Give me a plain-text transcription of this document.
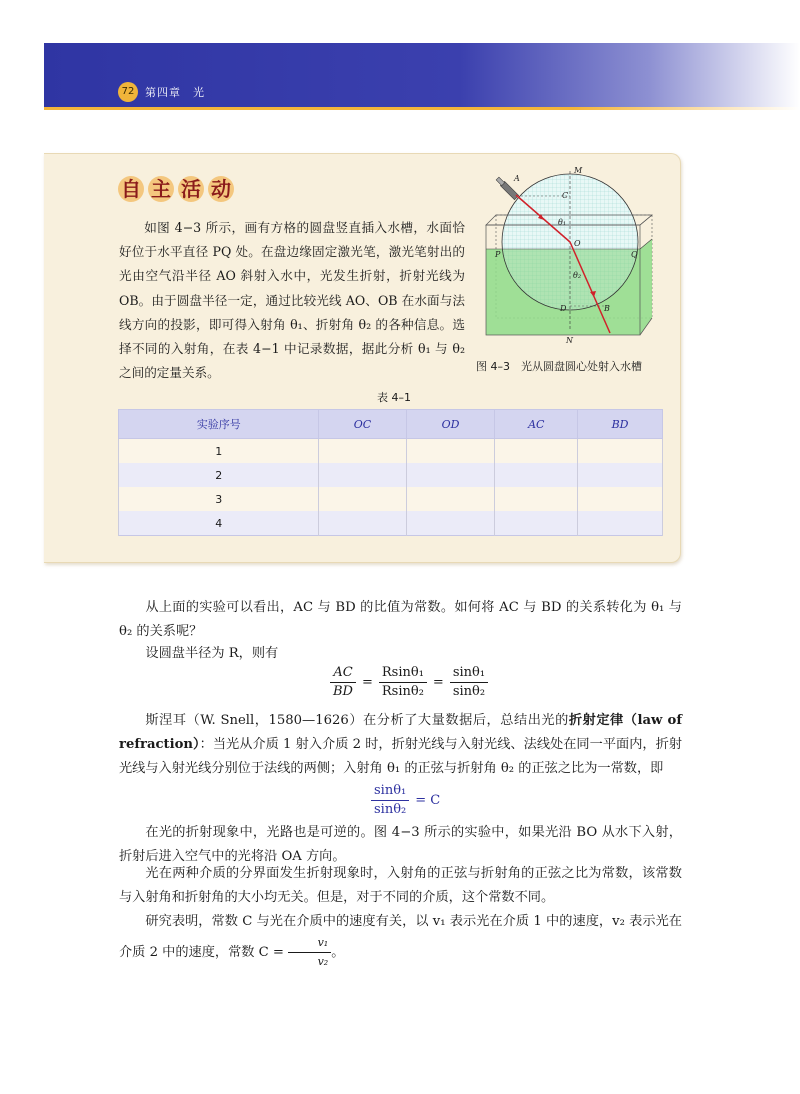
72 第四章　光
自 主 活 动
如图 4−3 所示，画有方格的圆盘竖直插入水槽，水面恰好位于水平直径 PQ 处。在盘边缘固定激光笔，激光笔射出的光由空气沿半径 AO 斜射入水中，光发生折射，折射光线为 OB。由于圆盘半径一定，通过比较光线 AO、OB 在水面与法线方向的投影，即可得入射角 θ₁、折射角 θ₂ 的各种信息。选择不同的入射角，在表 4−1 中记录数据，据此分析 θ₁ 与 θ₂ 之间的定量关系。
A
M
C
θ₁
O
P	Q
θ₂
D	B
N
图 4–3　光从圆盘圆心处射入水槽
表 4–1
实验序号	OC	OD	AC	BD
1				
2				
3				
4				
从上面的实验可以看出，AC 与 BD 的比值为常数。如何将 AC 与 BD 的关系转化为 θ₁ 与 θ₂ 的关系呢？
设圆盘半径为 R，则有
$\frac{AC}{BD} = \frac{\text{Rsinθ₁}}{\text{Rsinθ₂}} = \frac{\text{sinθ₁}}{\text{sinθ₂}}$
斯涅耳（W. Snell，1580—1626）在分析了大量数据后，总结出光的折射定律（law of refraction）：当光从介质 1 射入介质 2 时，折射光线与入射光线、法线处在同一平面内，折射光线与入射光线分别位于法线的两侧；入射角 θ₁ 的正弦与折射角 θ₂ 的正弦之比为一常数，即
$\frac{\text{sinθ₁}}{\text{sinθ₂}} = C$
在光的折射现象中，光路也是可逆的。图 4−3 所示的实验中，如果光沿 BO 从水下入射，折射后进入空气中的光将沿 OA 方向。
光在两种介质的分界面发生折射现象时，入射角的正弦与折射角的正弦之比为常数，该常数与入射角和折射角的大小均无关。但是，对于不同的介质，这个常数不同。
研究表明，常数 C 与光在介质中的速度有关，以 v₁ 表示光在介质 1 中的速度，v₂ 表示光在介质 2 中的速度，常数 $C = \frac{\text{v₁}}{\text{v₂}}$ 。
